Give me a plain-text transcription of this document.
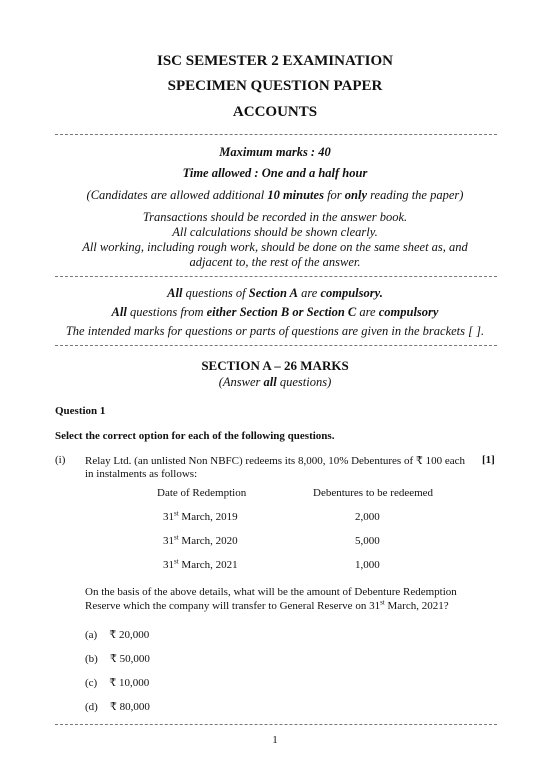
ISC SEMESTER 2 EXAMINATION
SPECIMEN QUESTION PAPER
ACCOUNTS
Maximum marks : 40
Time allowed : One and a half hour
(Candidates are allowed additional 10 minutes for only reading the paper)
Transactions should be recorded in the answer book.
All calculations should be shown clearly.
All working, including rough work, should be done on the same sheet as, and
adjacent to, the rest of the answer.
All questions of Section A are compulsory.
All questions from either Section B or Section C are compulsory
The intended marks for questions or parts of questions are given in the brackets [ ].
SECTION A – 26 MARKS
(Answer all questions)
Question 1
Select the correct option for each of the following questions.
(i) Relay Ltd. (an unlisted Non NBFC) redeems its 8,000, 10% Debentures of ₹ 100 each
in instalments as follows:
[1]
Date of Redemption	Debentures to be redeemed
31st March, 2019	2,000
31st March, 2020	5,000
31st March, 2021	1,000
On the basis of the above details, what will be the amount of Debenture Redemption
Reserve which the company will transfer to General Reserve on 31st March, 2021?
(a) ₹ 20,000
(b) ₹ 50,000
(c) ₹ 10,000
(d) ₹ 80,000
1
